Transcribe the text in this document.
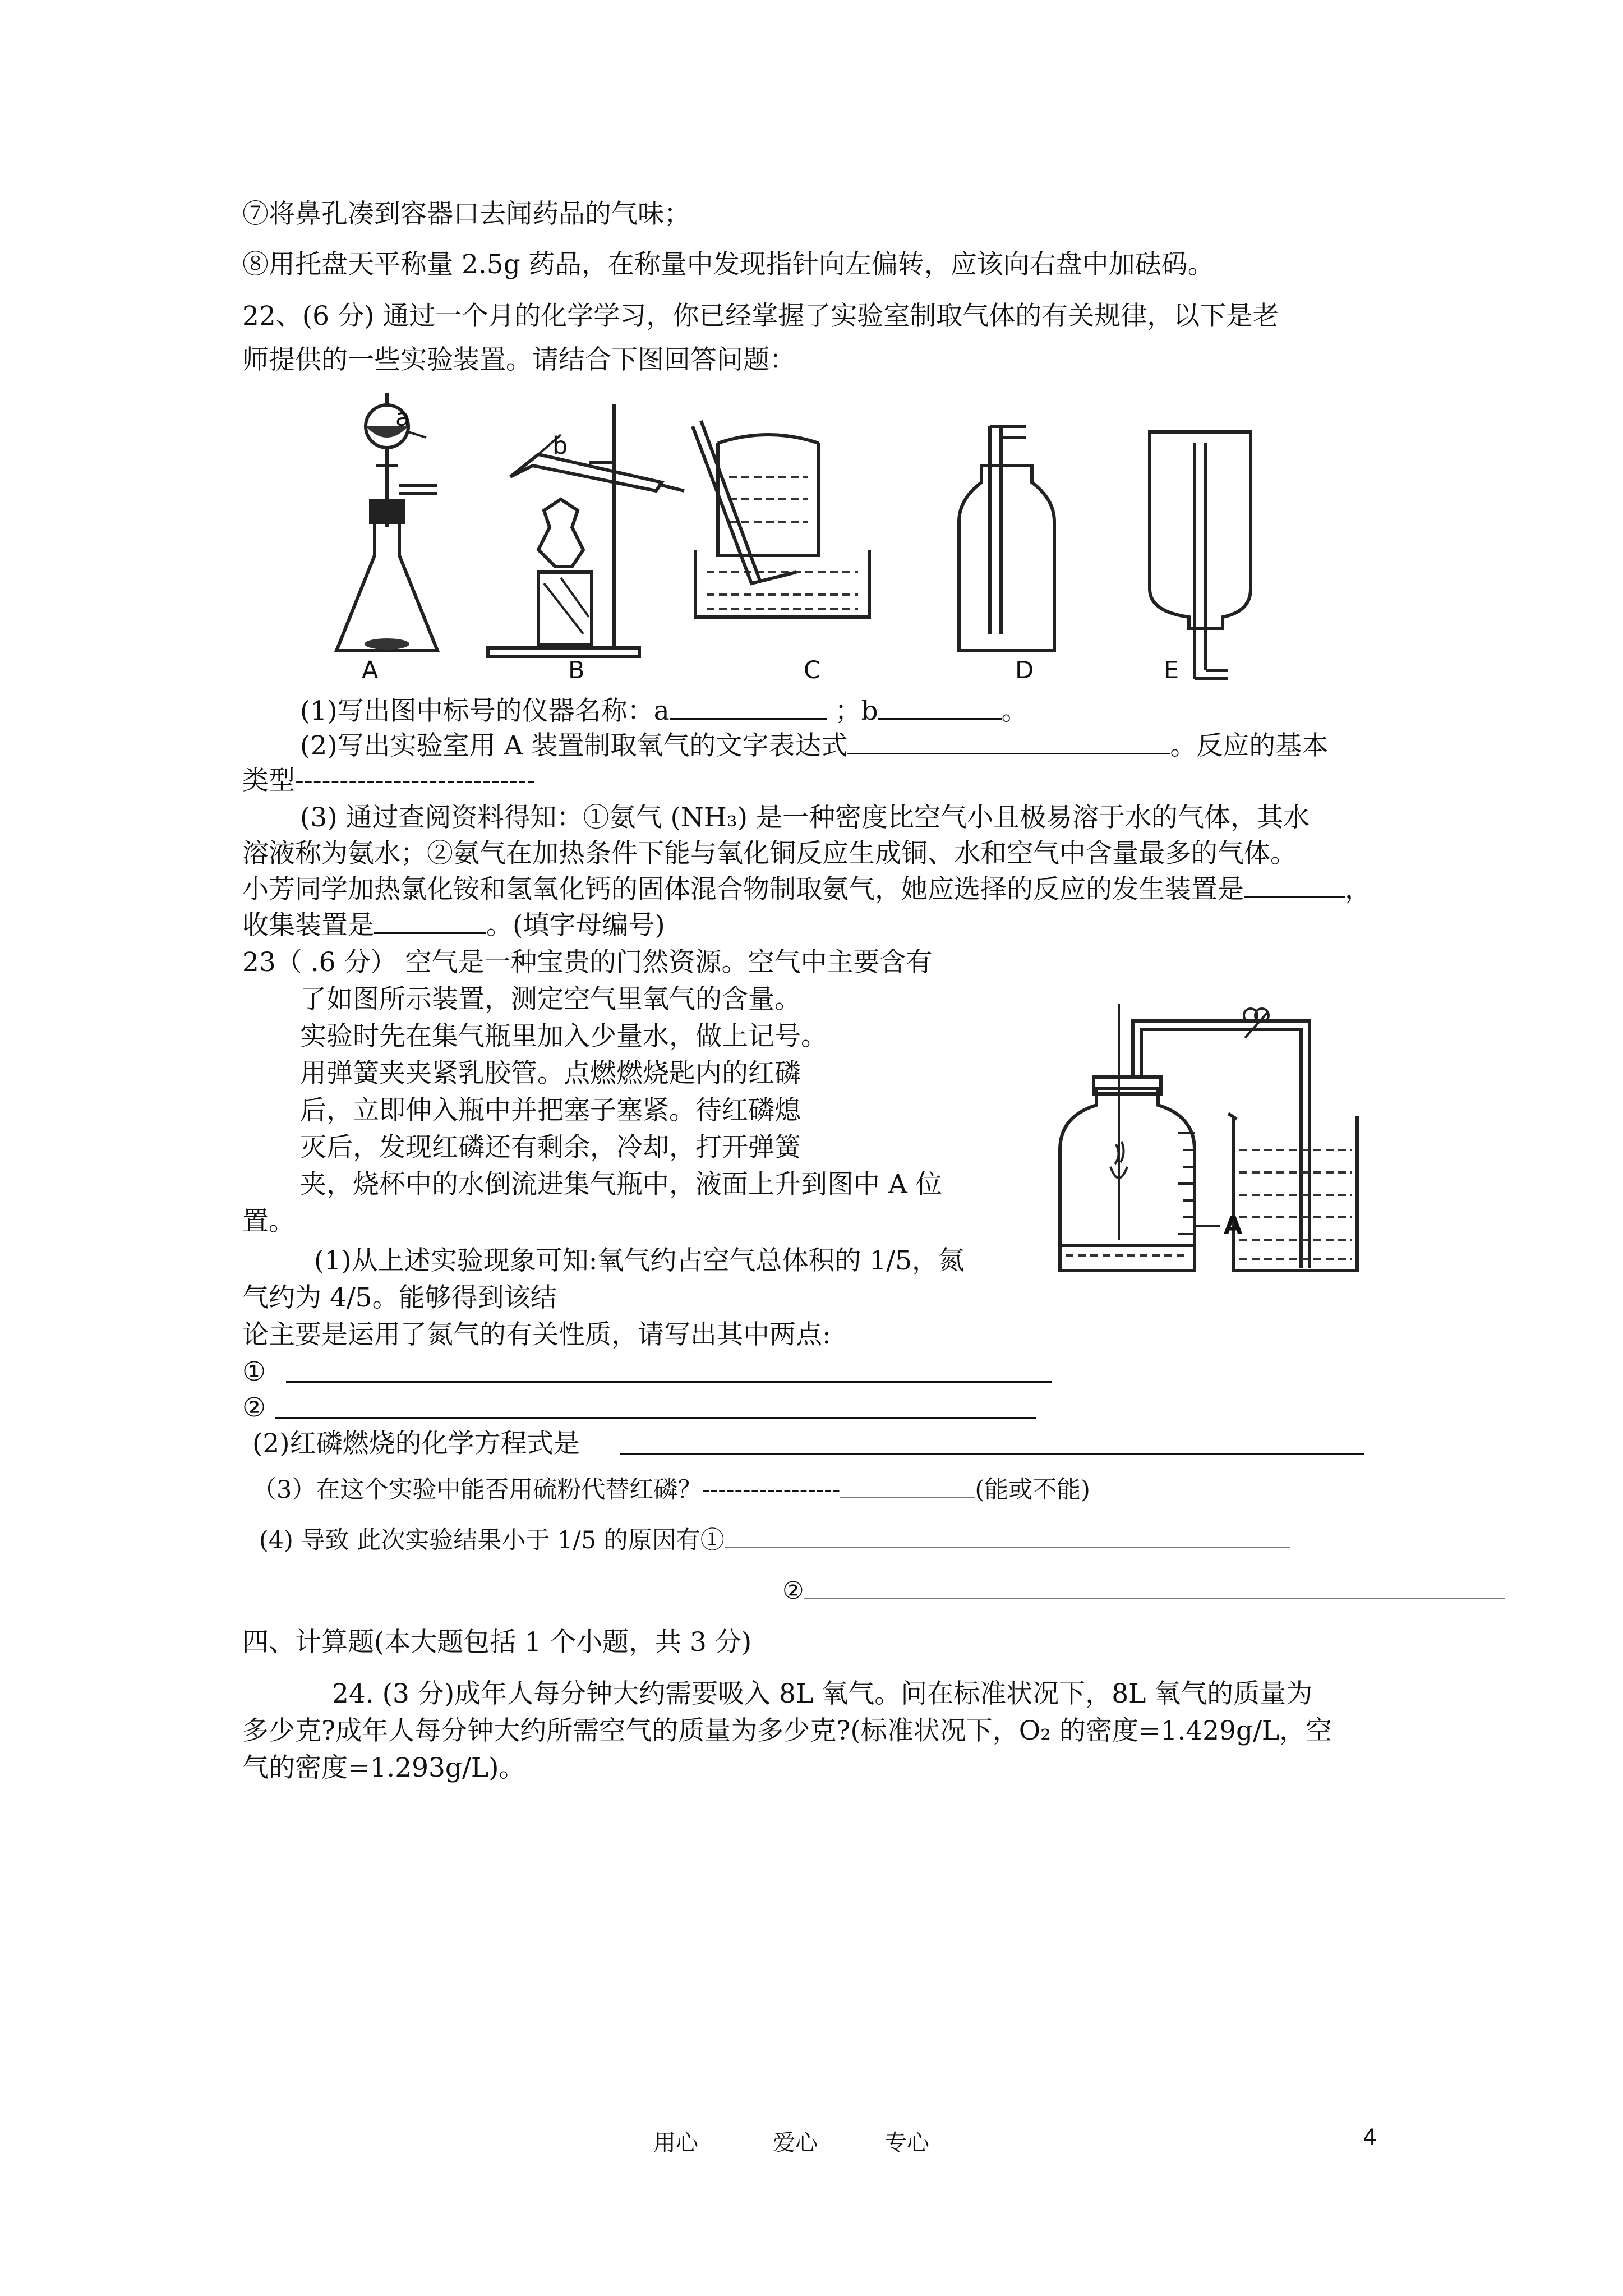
⑦将鼻孔凑到容器口去闻药品的气味；
⑧用托盘天平称量 2.5g 药品，在称量中发现指针向左偏转，应该向右盘中加砝码。
22、(6 分) 通过一个月的化学学习，你已经掌握了实验室制取气体的有关规律，以下是老
师提供的一些实验装置。请结合下图回答问题：
a
b
A	B	C	D	E
(1)写出图中标号的仪器名称：a	；b	。
(2)写出实验室用 A 装置制取氧气的文字表达式	。反应的基本
类型---------------------------
(3) 通过查阅资料得知：①氨气 (NH₃) 是一种密度比空气小且极易溶于水的气体，其水
溶液称为氨水；②氨气在加热条件下能与氧化铜反应生成铜、水和空气中含量最多的气体。
小芳同学加热氯化铵和氢氧化钙的固体混合物制取氨气，她应选择的反应的发生装置是	，
收集装置是	。(填字母编号)
23（ .6 分） 空气是一种宝贵的门然资源。空气中主要含有
了如图所示装置，测定空气里氧气的含量。
实验时先在集气瓶里加入少量水，做上记号。
用弹簧夹夹紧乳胶管。点燃燃烧匙内的红磷
后，立即伸入瓶中并把塞子塞紧。待红磷熄
灭后，发现红磷还有剩余，冷却，打开弹簧
夹，烧杯中的水倒流进集气瓶中，液面上升到图中 A 位
置。	A
(1)从上述实验现象可知:氧气约占空气总体积的 1/5，氮
气约为 4/5。能够得到该结
论主要是运用了氮气的有关性质，请写出其中两点:
①
②
(2)红磷燃烧的化学方程式是
（3）在这个实验中能否用硫粉代替红磷？-----------------	(能或不能)
(4) 导致 此次实验结果小于 1/5 的原因有①
②
四、计算题(本大题包括 1 个小题，共 3 分)
24. (3 分)成年人每分钟大约需要吸入 8L 氧气。问在标准状况下，8L 氧气的质量为
多少克?成年人每分钟大约所需空气的质量为多少克?(标准状况下，O₂ 的密度=1.429g/L，空
气的密度=1.293g/L)。
用心	爱心	专心	4
